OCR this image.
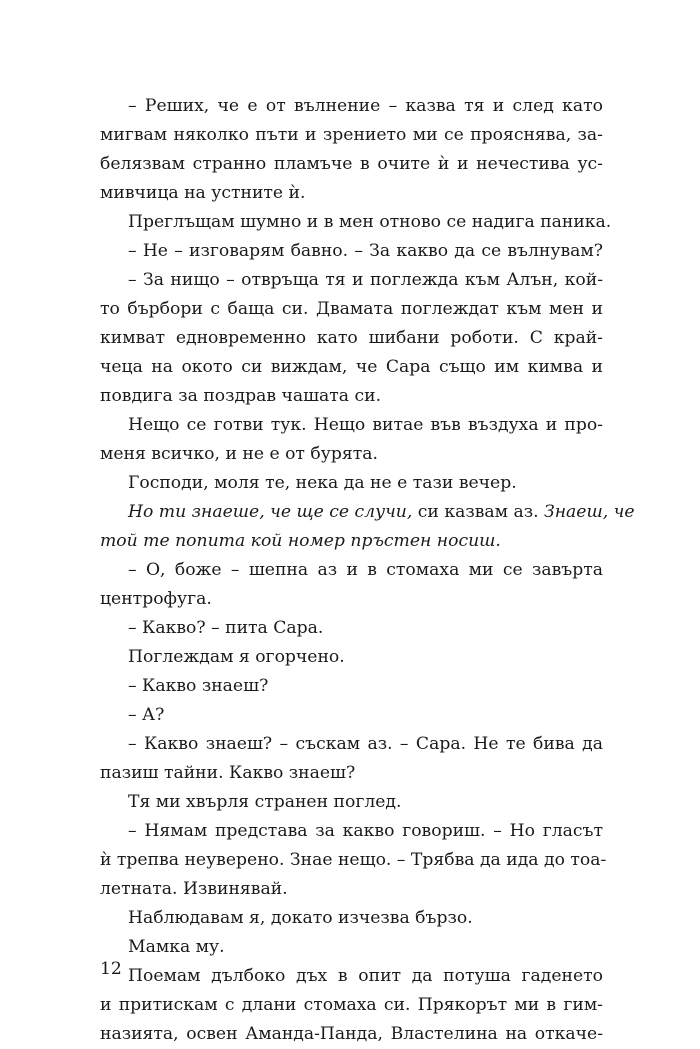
– Реших, че е от вълнение – казва тя и след като
мигвам няколко пъти и зрението ми се прояснява, за-
белязвам странно пламъче в очите ѝ и нечестива ус-
мивчица на устните ѝ.
Преглъщам шумно и в мен отново се надига паника.
– Не – изговарям бавно. – За какво да се вълнувам?
– За нищо – отвръща тя и поглежда към Алън, кой-
то бърбори с баща си. Двамата поглеждат към мен и
кимват едновременно като шибани роботи. С край-
чеца на окото си виждам, че Сара също им кимва и
повдига за поздрав чашата си.
Нещо се готви тук. Нещо витае във въздуха и про-
меня всичко, и не е от бурята.
Господи, моля те, нека да не е тази вечер.
Но ти знаеше, че ще се случи, си казвам аз. Знаеш, че
той те попита кой номер пръстен носиш.
– О, боже – шепна аз и в стомаха ми се завърта
центрофуга.
– Какво? – пита Сара.
Поглеждам я огорчено.
– Какво знаеш?
– А?
– Какво знаеш? – съскам аз. – Сара. Не те бива да
пазиш тайни. Какво знаеш?
Тя ми хвърля странен поглед.
– Нямам представа за какво говориш. – Но гласът
ѝ трепва неуверено. Знае нещо. – Трябва да ида до тоа-
летната. Извинявай.
Наблюдавам я, докато изчезва бързо.
Мамка му.
Поемам дълбоко дъх в опит да потуша гаденето
и притискам с длани стомаха си. Прякорът ми в гим-
назията, освен Аманда-Панда, Властелина на откаче-
12
